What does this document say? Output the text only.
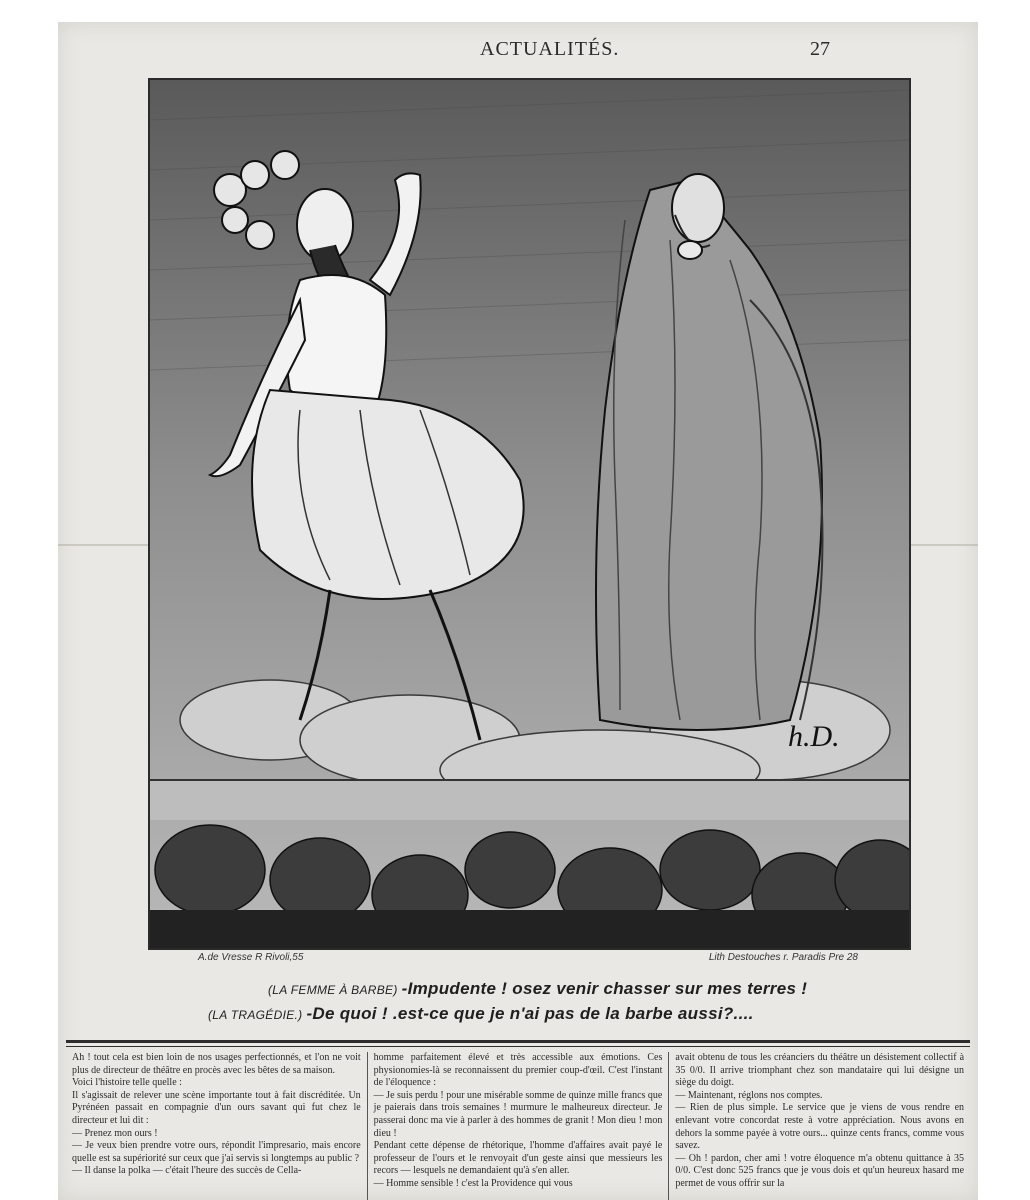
ACTUALITÉS.	27
h.D.
A.de Vresse R Rivoli,55	Lith Destouches r. Paradis Pre 28
(LA FEMME À BARBE) -Impudente ! osez venir chasser sur mes terres !
(LA TRAGÉDIE.) -De quoi ! .est-ce que je n'ai pas de la barbe aussi?....

Ah ! tout cela est bien loin de nos usages perfectionnés, et l'on ne voit plus de directeur de théâtre en procès avec les bêtes de sa maison.

Voici l'histoire telle quelle :

Il s'agissait de relever une scène importante tout à fait discréditée. Un Pyrénéen passait en compagnie d'un ours savant qui fut chez le directeur et lui dit :

— Prenez mon ours !

— Je veux bien prendre votre ours, répondit l'impresario, mais encore quelle est sa supériorité sur ceux que j'ai servis si longtemps au public ?

— Il danse la polka — c'était l'heure des succès de Cella-

homme parfaitement élevé et très accessible aux émotions. Ces physionomies-là se reconnaissent du premier coup-d'œil. C'est l'instant de l'éloquence :

— Je suis perdu ! pour une misérable somme de quinze mille francs que je paierais dans trois semaines ! murmure le malheureux directeur. Je passerai donc ma vie à parler à des hommes de granit ! Mon dieu ! mon dieu !

Pendant cette dépense de rhétorique, l'homme d'affaires avait payé le professeur de l'ours et le renvoyait d'un geste ainsi que messieurs les recors — lesquels ne demandaient qu'à s'en aller.

— Homme sensible ! c'est la Providence qui vous

avait obtenu de tous les créanciers du théâtre un désistement collectif à 35 0/0. Il arrive triomphant chez son mandataire qui lui désigne un siège du doigt.

— Maintenant, réglons nos comptes.

— Rien de plus simple. Le service que je viens de vous rendre en enlevant votre concordat reste à votre appréciation. Nous avons en dehors la somme payée à votre ours... quinze cents francs, comme vous savez.

— Oh ! pardon, cher ami ! votre éloquence m'a obtenu quittance à 35 0/0. C'est donc 525 francs que je vous dois et qu'un heureux hasard me permet de vous offrir sur la
